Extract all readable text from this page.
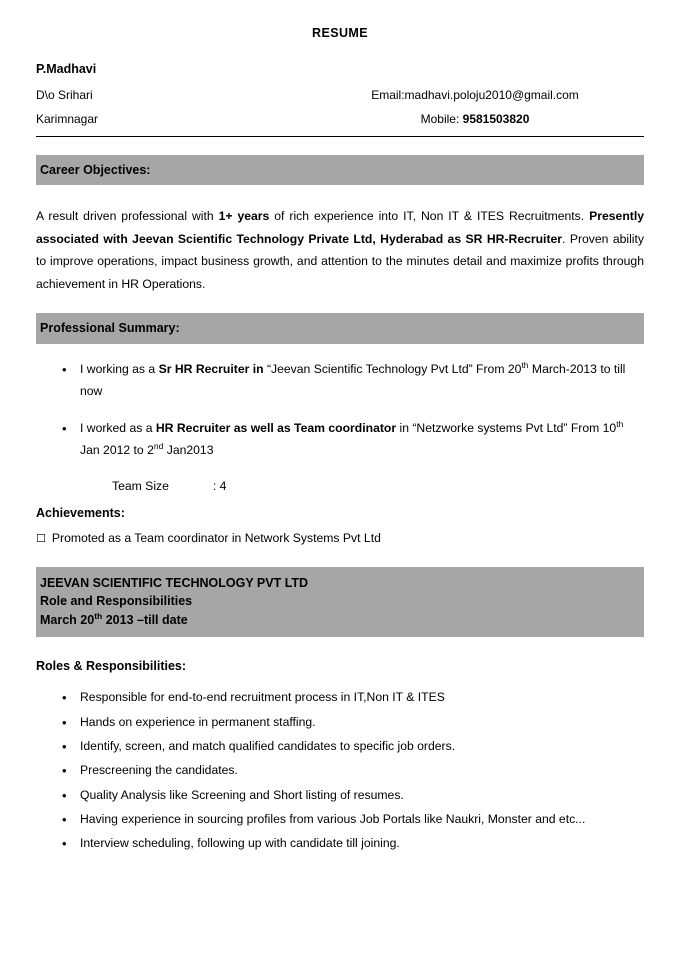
RESUME
P.Madhavi
D\o Srihari	Email:madhavi.poloju2010@gmail.com
Karimnagar	Mobile: 9581503820
Career Objectives:

A result driven professional with 1+ years of rich experience into IT, Non IT & ITES Recruitments. Presently associated with Jeevan Scientific Technology Private Ltd, Hyderabad as SR HR-Recruiter. Proven ability to improve operations, impact business growth, and attention to the minutes detail and maximize profits through achievement in HR Operations.

Professional Summary:
• I working as a Sr HR Recruiter in “Jeevan Scientific Technology Pvt Ltd” From 20th March-2013 to till now
• I worked as a HR Recruiter as well as Team coordinator in “Netzworke systems Pvt Ltd” From 10th Jan 2012 to 2nd Jan2013
Team Size	: 4
Achievements:
☐ Promoted as a Team coordinator in Network Systems Pvt Ltd
JEEVAN SCIENTIFIC TECHNOLOGY PVT LTD
Role and Responsibilities
March 20th 2013 –till date
Roles & Responsibilities:
• Responsible for end-to-end recruitment process in IT,Non IT & ITES
• Hands on experience in permanent staffing.
• Identify, screen, and match qualified candidates to specific job orders.
• Prescreening the candidates.
• Quality Analysis like Screening and Short listing of resumes.
• Having experience in sourcing profiles from various Job Portals like Naukri, Monster and etc...
• Interview scheduling, following up with candidate till joining.
